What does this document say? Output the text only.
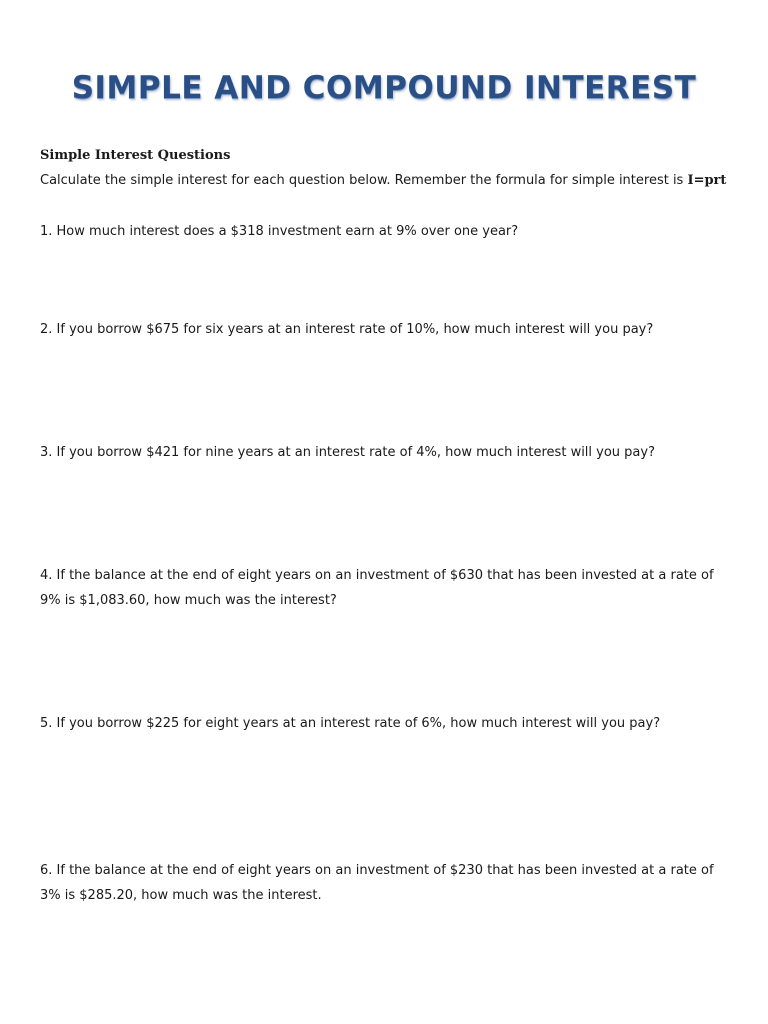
SIMPLE AND COMPOUND INTEREST
Simple Interest Questions

Calculate the simple interest for each question below. Remember the formula for simple interest is I=prt

1. How much interest does a $318 investment earn at 9% over one year?

2. If you borrow $675 for six years at an interest rate of 10%, how much interest will you pay?

3. If you borrow $421 for nine years at an interest rate of 4%, how much interest will you pay?

4. If the balance at the end of eight years on an investment of $630 that has been invested at a rate of 9% is $1,083.60, how much was the interest?

5. If you borrow $225 for eight years at an interest rate of 6%, how much interest will you pay?

6. If the balance at the end of eight years on an investment of $230 that has been invested at a rate of 3% is $285.20, how much was the interest.
